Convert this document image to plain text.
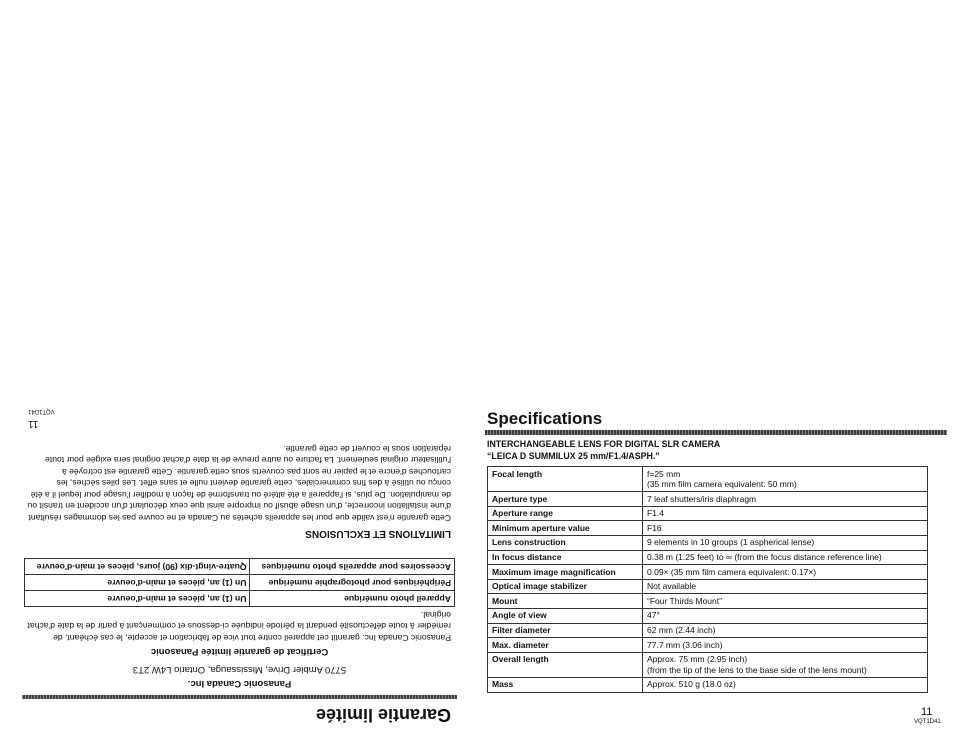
Garantie limitée
Panasonic Canada Inc.
5770 Ambler Drive, Mississauga, Ontario L4W 2T3
Certificat de garantie limitée Panasonic
Panasonic Canada Inc. garantit cet appareil contre tout vice de fabrication et accepte, le cas échéant, de remédier à toute défectuosité pendant la période indiquée ci-dessous et commençant à partir de la date d'achat original.
Appareil photo numérique	Un (1) an, pièces et main-d'oeuvre
Périphériques pour photographie numérique	Un (1) an, pièces et main-d'oeuvre
Accessoires pour appareils photo numériques	Quatre-vingt-dix (90) jours, pièces et main-d'oeuvre
LIMITATIONS ET EXCLUSIONS
Cette garantie n'est valide que pour les appareils achetés au Canada et ne couvre pas les dommages résultant d'une installation incorrecte, d'un usage abusif ou impropre ainsi que ceux découlant d'un accident en transit ou de manipulation. De plus, si l'appareil a été altéré ou transformé de façon à modifier l'usage pour lequel il a été conçu ou utilisé à des fins commerciales, cette garantie devient nulle et sans effet. Les piles sèches, les cartouches d'encre et le papier ne sont pas couverts sous cette garantie. Cette garantie est octroyée à l'utilisateur original seulement. La facture ou autre preuve de la date d'achat original sera exigée pour toute réparation sous le couvert de cette garantie.
11
VQT1D41	Specifications
INTERCHANGEABLE LENS FOR DIGITAL SLR CAMERA
“LEICA D SUMMILUX 25 mm/F1.4/ASPH.”
Focal length	f=25 mm
(35 mm film camera equivalent: 50 mm)
Aperture type	7 leaf shutters/iris diaphragm
Aperture range	F1.4
Minimum aperture value	F16
Lens construction	9 elements in 10 groups (1 aspherical lense)
In focus distance	0.38 m (1.25 feet) to ∞ (from the focus distance reference line)
Maximum image magnification	0.09× (35 mm film camera equivalent: 0.17×)
Optical image stabilizer	Not available
Mount	“Four Thirds Mount”
Angle of view	47°
Filter diameter	62 mm (2.44 inch)
Max. diameter	77.7 mm (3.06 inch)
Overall length	Approx. 75 mm (2.95 inch)
(from the tip of the lens to the base side of the lens mount)
Mass	Approx. 510 g (18.0 oz)
11
VQT1D41
